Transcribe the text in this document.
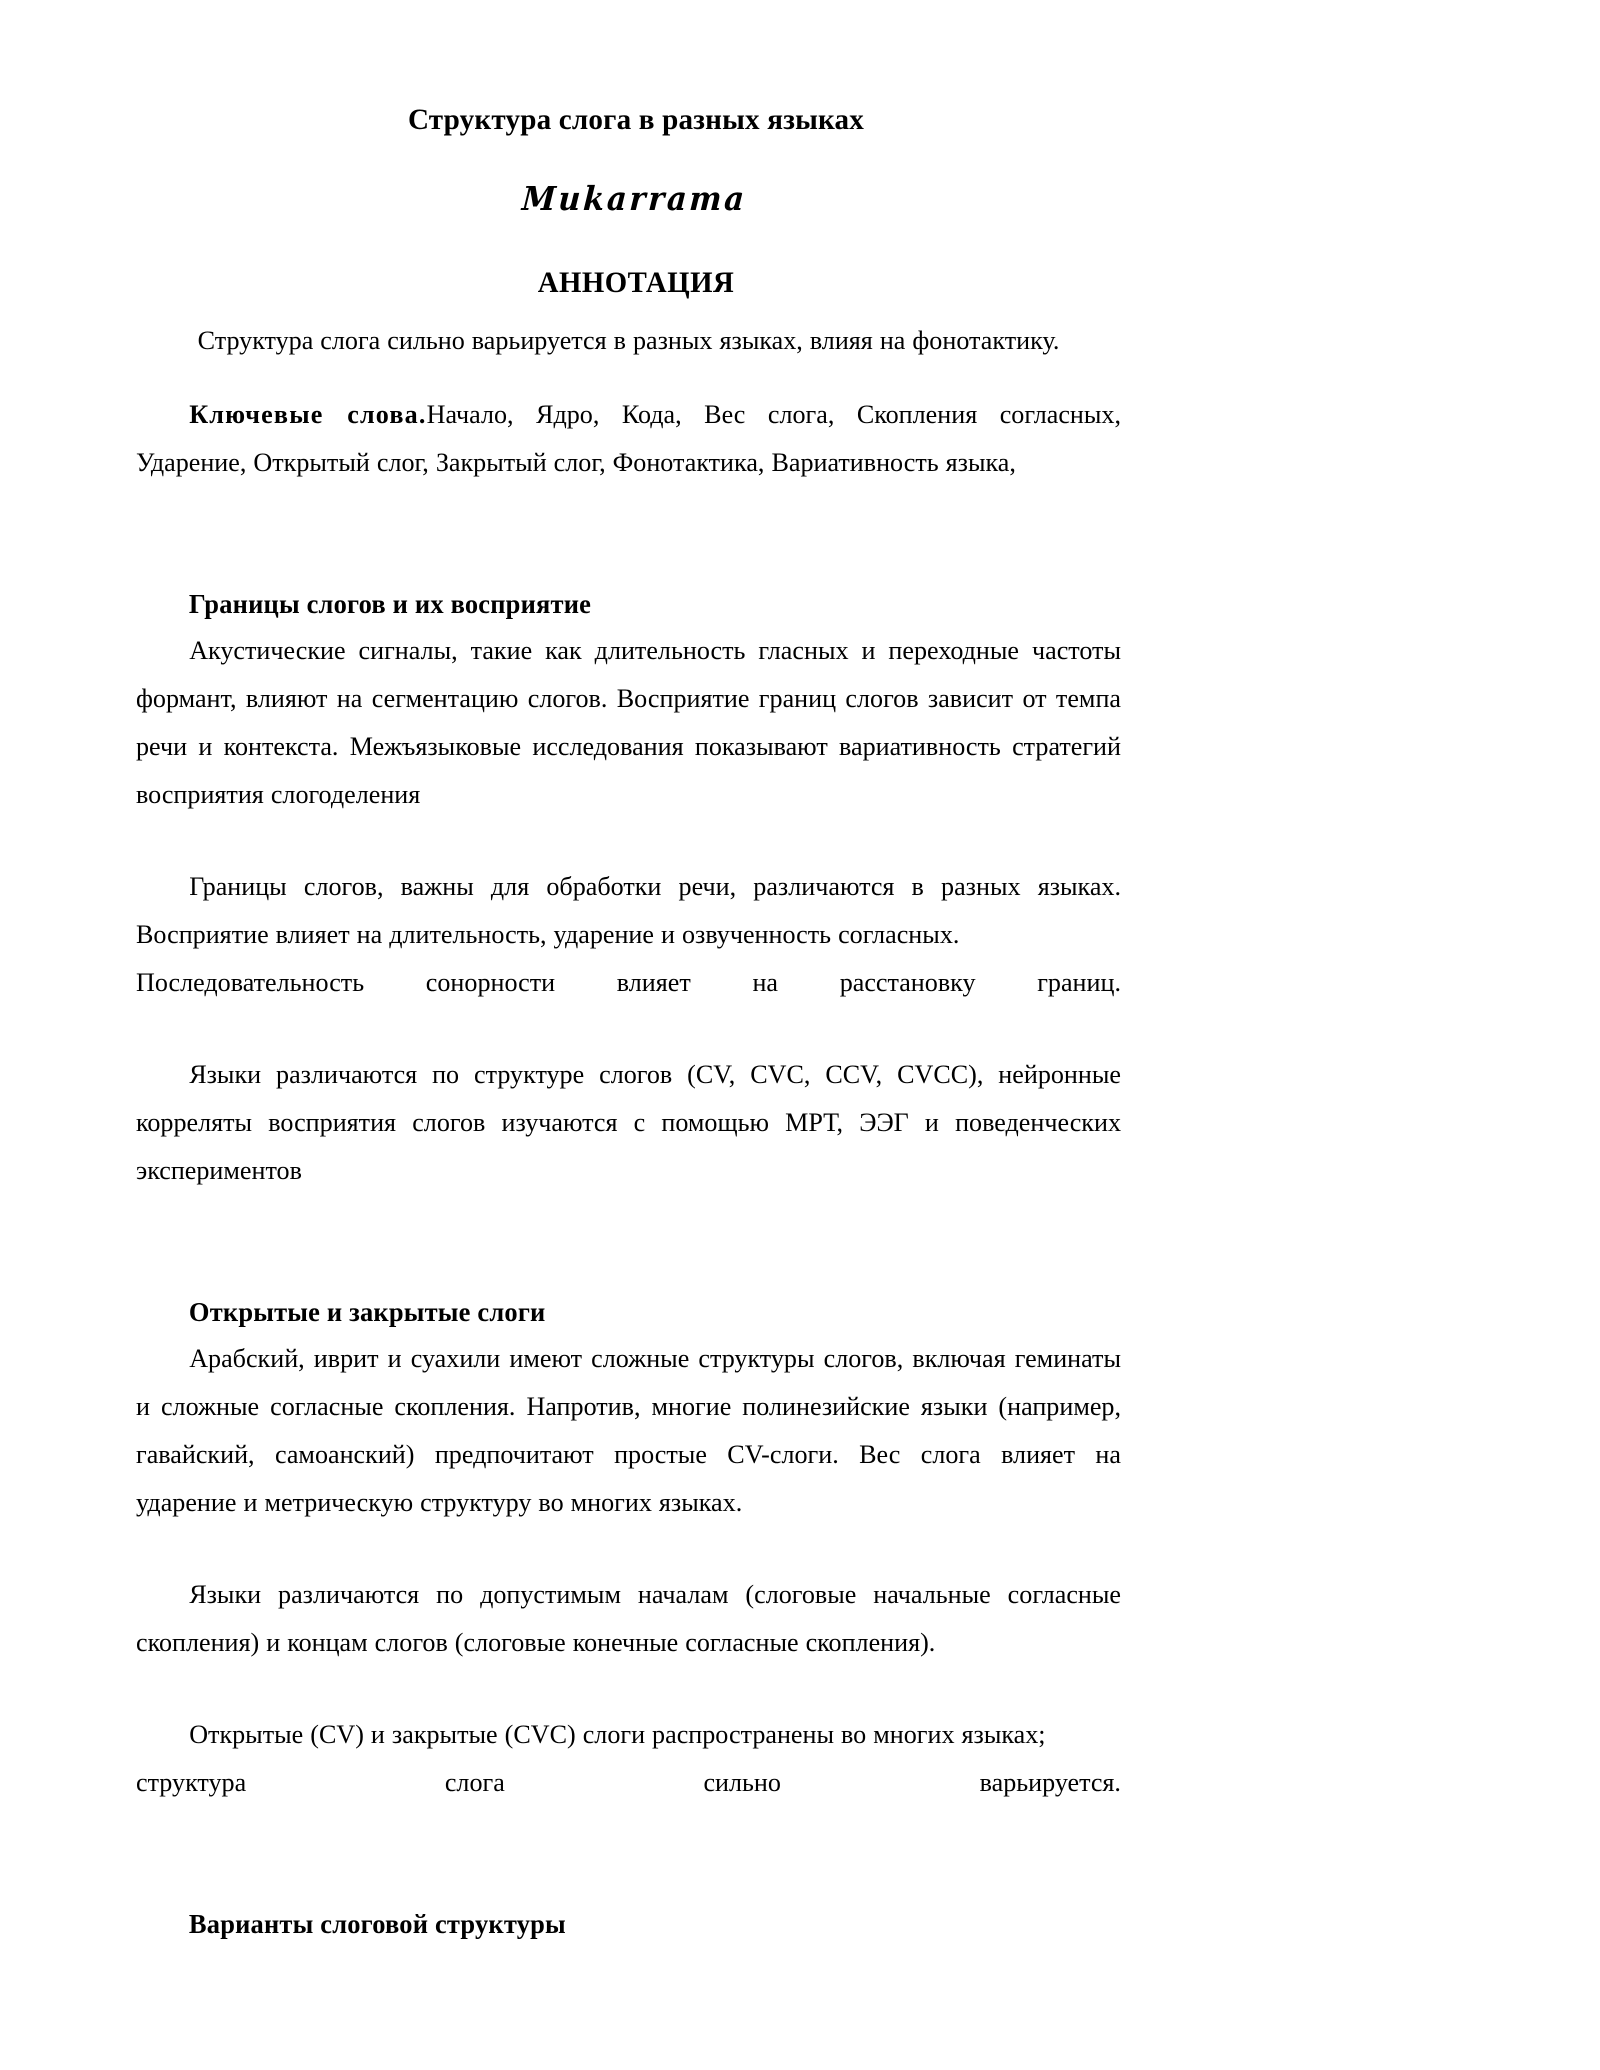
Структура слога в разных языках
Mukarrama
АННОТАЦИЯ

Структура слога сильно варьируется в разных языках, влияя на фонотактику.

Ключевые слова.Начало, Ядро, Кода, Вес слога, Скопления согласных, Ударение, Открытый слог, Закрытый слог, Фонотактика, Вариативность языка,

Границы слогов и их восприятие

Акустические сигналы, такие как длительность гласных и переходные частоты формант, влияют на сегментацию слогов. Восприятие границ слогов зависит от темпа речи и контекста. Межъязыковые исследования показывают вариативность стратегий восприятия слогоделения

Границы слогов, важны для обработки речи, различаются в разных языках. Восприятие влияет на длительность, ударение и озвученность согласных.

Последовательность сонорности влияет на расстановку границ.

Языки различаются по структуре слогов (CV, CVC, CCV, CVCC), нейронные корреляты восприятия слогов изучаются с помощью МРТ, ЭЭГ и поведенческих экспериментов

Открытые и закрытые слоги

Арабский, иврит и суахили имеют сложные структуры слогов, включая геминаты и сложные согласные скопления. Напротив, многие полинезийские языки (например, гавайский, самоанский) предпочитают простые CV-слоги. Вес слога влияет на ударение и метрическую структуру во многих языках.

Языки различаются по допустимым началам (слоговые начальные согласные скопления) и концам слогов (слоговые конечные согласные скопления).

Открытые (CV) и закрытые (CVC) слоги распространены во многих языках;

структура	слога	сильно	варьируется.

Варианты слоговой структуры
